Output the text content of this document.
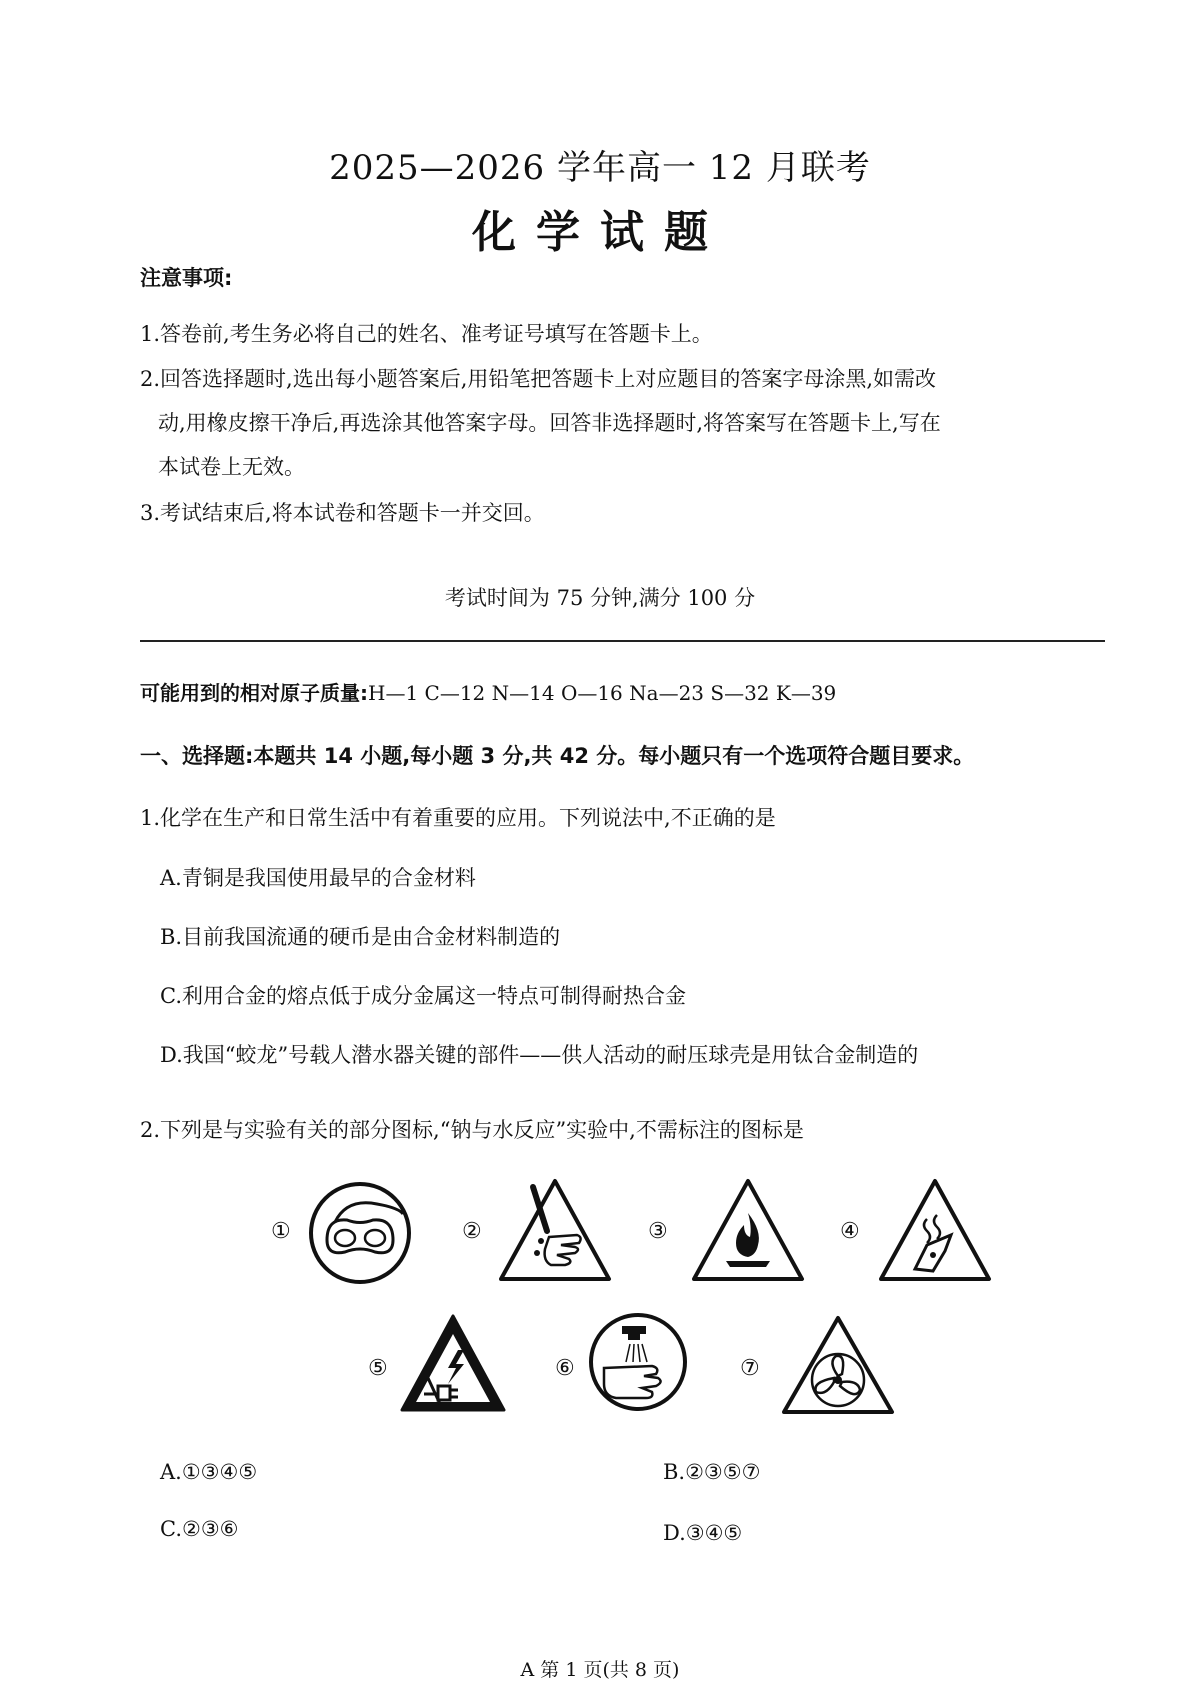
2025—2026 学年高一 12 月联考
化学试题
注意事项:
1.答卷前,考生务必将自己的姓名、准考证号填写在答题卡上。
2.回答选择题时,选出每小题答案后,用铅笔把答题卡上对应题目的答案字母涂黑,如需改
动,用橡皮擦干净后,再选涂其他答案字母。回答非选择题时,将答案写在答题卡上,写在
本试卷上无效。
3.考试结束后,将本试卷和答题卡一并交回。
考试时间为 75 分钟,满分 100 分
可能用到的相对原子质量:H—1 C—12 N—14 O—16 Na—23 S—32 K—39
一、选择题:本题共 14 小题,每小题 3 分,共 42 分。每小题只有一个选项符合题目要求。
1.化学在生产和日常生活中有着重要的应用。下列说法中,不正确的是
A.青铜是我国使用最早的合金材料
B.目前我国流通的硬币是由合金材料制造的
C.利用合金的熔点低于成分金属这一特点可制得耐热合金
D.我国“蛟龙”号载人潜水器关键的部件——供人活动的耐压球壳是用钛合金制造的
2.下列是与实验有关的部分图标,“钠与水反应”实验中,不需标注的图标是
①	②	③	④
⑤	⑥	⑦
A.①③④⑤	B.②③⑤⑦
C.②③⑥	D.③④⑤
A 第 1 页(共 8 页)
